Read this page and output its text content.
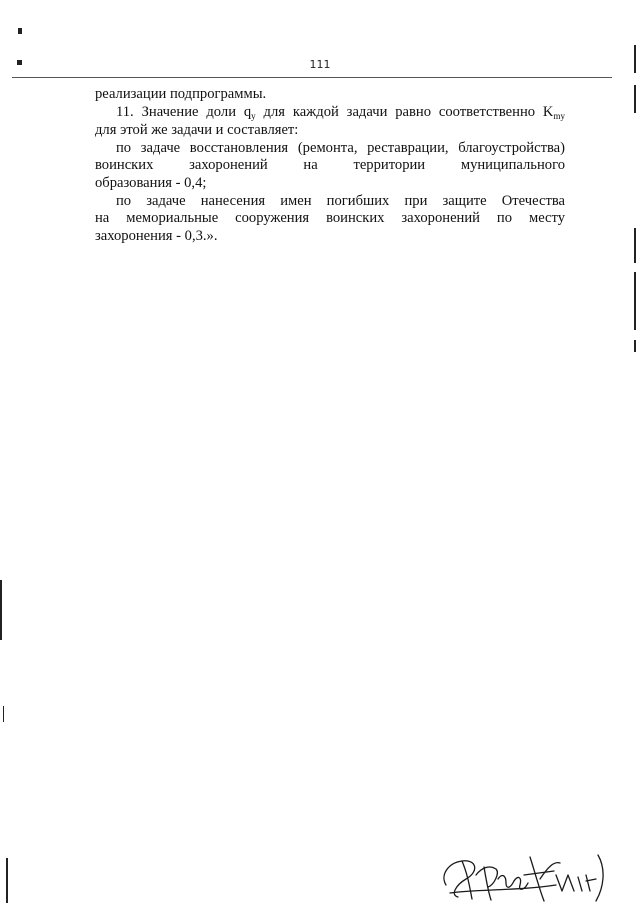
111

реализации подпрограммы.

11. Значение доли $q_у$ для каждой задачи равно соответственно $K_{mу}$

для этой же задачи и составляет:

по задаче восстановления (ремонта, реставрации, благоустройства)

воинских захоронений на территории муниципального

образования - 0,4;

по задаче нанесения имен погибших при защите Отечества

на мемориальные сооружения воинских захоронений по месту

захоронения - 0,3.».
